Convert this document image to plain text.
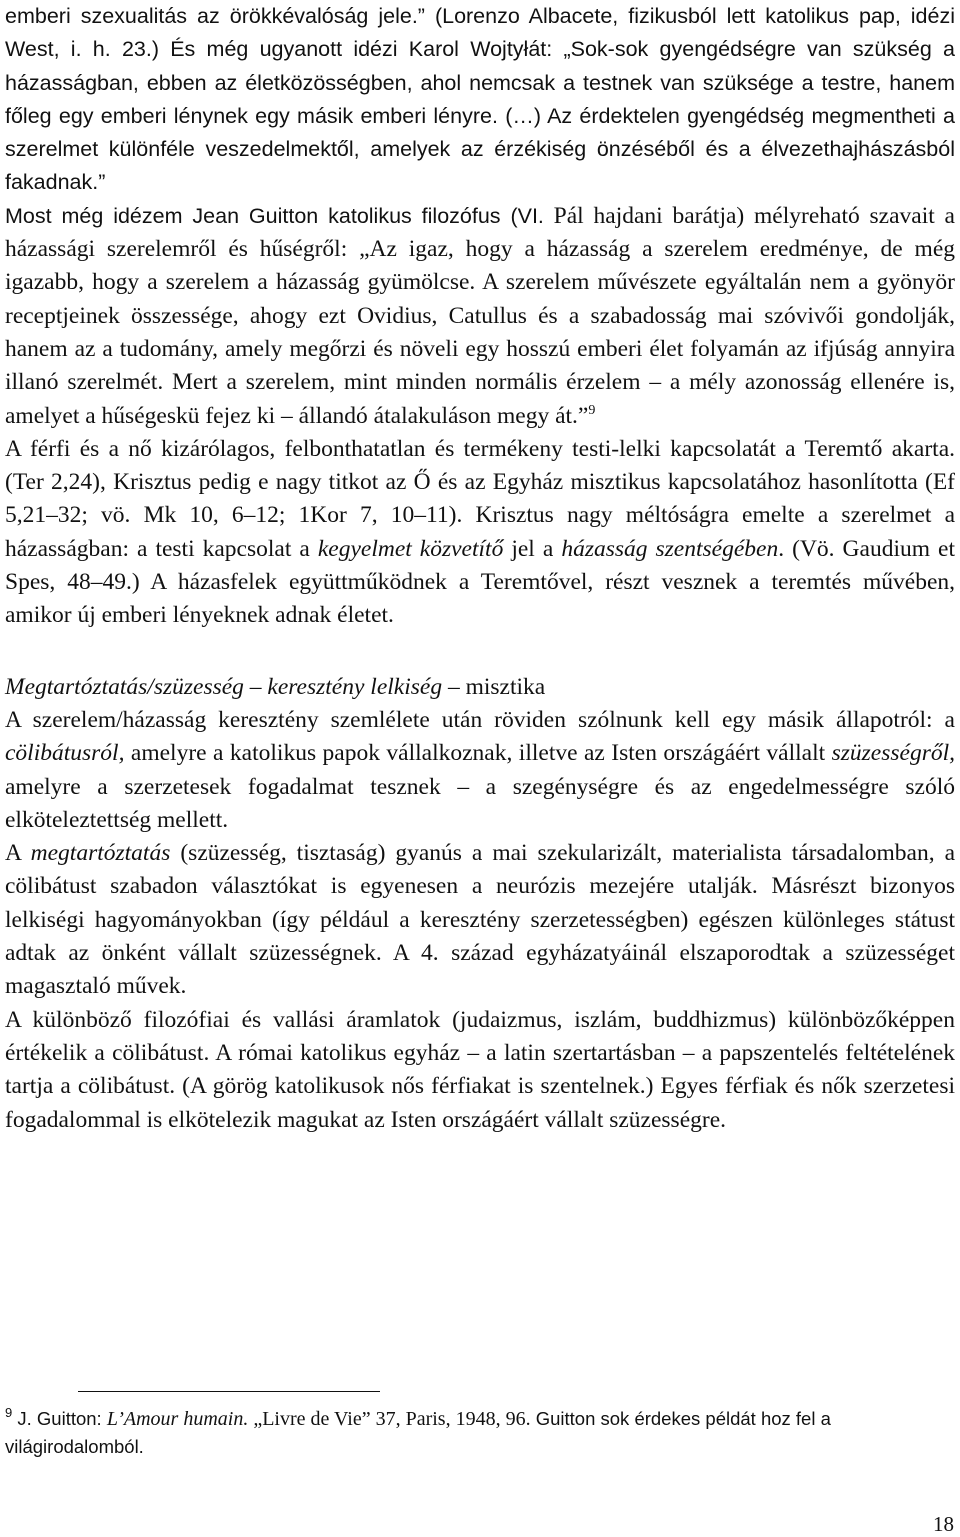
emberi szexualitás az örökkévalóság jele.” (Lorenzo Albacete, fizikusból lett katolikus pap, idézi West, i. h. 23.) És még ugyanott idézi Karol Wojtyłát: „Sok-sok gyengédségre van szükség a házasságban, ebben az életközösségben, ahol nemcsak a testnek van szüksége a testre, hanem főleg egy emberi lénynek egy másik emberi lényre. (…) Az érdektelen gyengédség megmentheti a szerelmet különféle veszedelmektől, amelyek az érzékiség önzéséből és a élvezethajhászásból fakadnak.”

Most még idézem Jean Guitton katolikus filozófus (VI. Pál hajdani barátja) mélyreható szavait a házassági szerelemről és hűségről: „Az igaz, hogy a házasság a szerelem eredménye, de még igazabb, hogy a szerelem a házasság gyümölcse. A szerelem művészete egyáltalán nem a gyönyör receptjeinek összessége, ahogy ezt Ovidius, Catullus és a szabadosság mai szóvivői gondolják, hanem az a tudomány, amely megőrzi és növeli egy hosszú emberi élet folyamán az ifjúság annyira illanó szerelmét. Mert a szerelem, mint minden normális érzelem – a mély azonosság ellenére is, amelyet a hűségeskü fejez ki – állandó átalakuláson megy át.”$^9$

A férfi és a nő kizárólagos, felbonthatatlan és termékeny testi-lelki kapcsolatát a Teremtő akarta. (Ter 2,24), Krisztus pedig e nagy titkot az Ő és az Egyház misztikus kapcsolatához hasonlította (Ef 5,21–32; vö. Mk 10, 6–12; 1Kor 7, 10–11). Krisztus nagy méltóságra emelte a szerelmet a házasságban: a testi kapcsolat a kegyelmet közvetítő jel a házasság szentségében. (Vö. Gaudium et Spes, 48–49.) A házasfelek együttműködnek a Teremtővel, részt vesznek a teremtés művében, amikor új emberi lényeknek adnak életet.

Megtartóztatás/szüzesség – keresztény lelkiség – misztika

A szerelem/házasság keresztény szemlélete után röviden szólnunk kell egy másik állapotról: a cölibátusról, amelyre a katolikus papok vállalkoznak, illetve az Isten országáért vállalt szüzességről, amelyre a szerzetesek fogadalmat tesznek – a szegénységre és az engedelmességre szóló elköteleztettség mellett.

A megtartóztatás (szüzesség, tisztaság) gyanús a mai szekularizált, materialista társadalomban, a cölibátust szabadon választókat is egyenesen a neurózis mezejére utalják. Másrészt bizonyos lelkiségi hagyományokban (így például a keresztény szerzetességben) egészen különleges státust adtak az önként vállalt szüzességnek. A 4. század egyházatyáinál elszaporodtak a szüzességet magasztaló művek.

A különböző filozófiai és vallási áramlatok (judaizmus, iszlám, buddhizmus) különbözőképpen értékelik a cölibátust. A római katolikus egyház – a latin szertartásban – a papszentelés feltételének tartja a cölibátust. (A görög katolikusok nős férfiakat is szentelnek.) Egyes férfiak és nők szerzetesi fogadalommal is elkötelezik magukat az Isten országáért vállalt szüzességre.

$^9$ J. Guitton: L’Amour humain. „Livre de Vie” 37, Paris, 1948, 96. Guitton sok érdekes példát hoz fel a világirodalomból.

18
